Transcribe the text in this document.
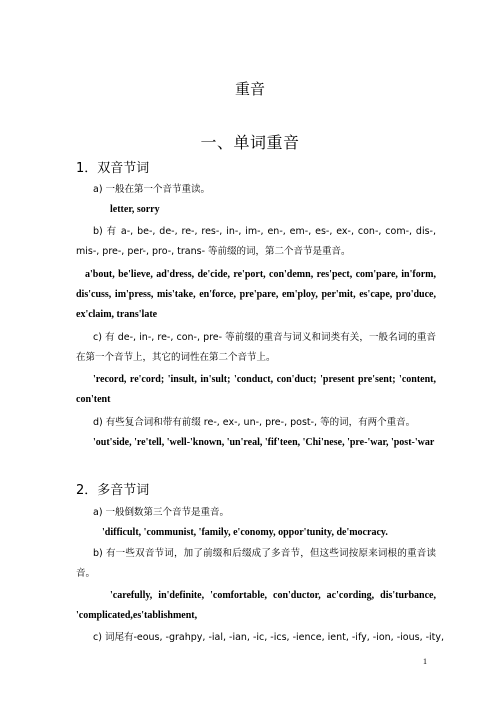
重音
一、单词重音
1．双音节词
a) 一般在第一个音节重读。
letter, sorry
b) 有 a-, be-, de-, re-, res-, in-, im-, en-, em-, es-, ex-, con-, com-, dis-, mis-, pre-, per-, pro-, trans- 等前缀的词，第二个音节是重音。
a'bout, be'lieve, ad'dress, de'cide, re'port, con'demn, res'pect, com'pare, in'form, dis'cuss, im'press, mis'take, en'force, pre'pare, em'ploy, per'mit, es'cape, pro'duce, ex'claim, trans'late
c) 有 de-, in-, re-, con-, pre- 等前缀的重音与词义和词类有关，一般名词的重音在第一个音节上，其它的词性在第二个音节上。
'record, re'cord; 'insult, in'sult; 'conduct, con'duct; 'present pre'sent; 'content, con'tent
d) 有些复合词和带有前缀 re-, ex-, un-, pre-, post-, 等的词，有两个重音。
'out'side, 're'tell, 'well-'known, 'un'real, 'fif'teen, 'Chi'nese, 'pre-'war, 'post-'war
2．多音节词
a) 一般倒数第三个音节是重音。
'difficult, 'communist, 'family, e'conomy, oppor'tunity, de'mocracy.
b) 有一些双音节词，加了前缀和后缀成了多音节，但这些词按原来词根的重音读音。
'carefully, in'definite, 'comfortable, con'ductor, ac'cording, dis'turbance, 'complicated,es'tablishment,
c) 词尾有-eous, -grahpy, -ial, -ian, -ic, -ics, -ience, ient, -ify, -ion, -ious, -ity,
1
